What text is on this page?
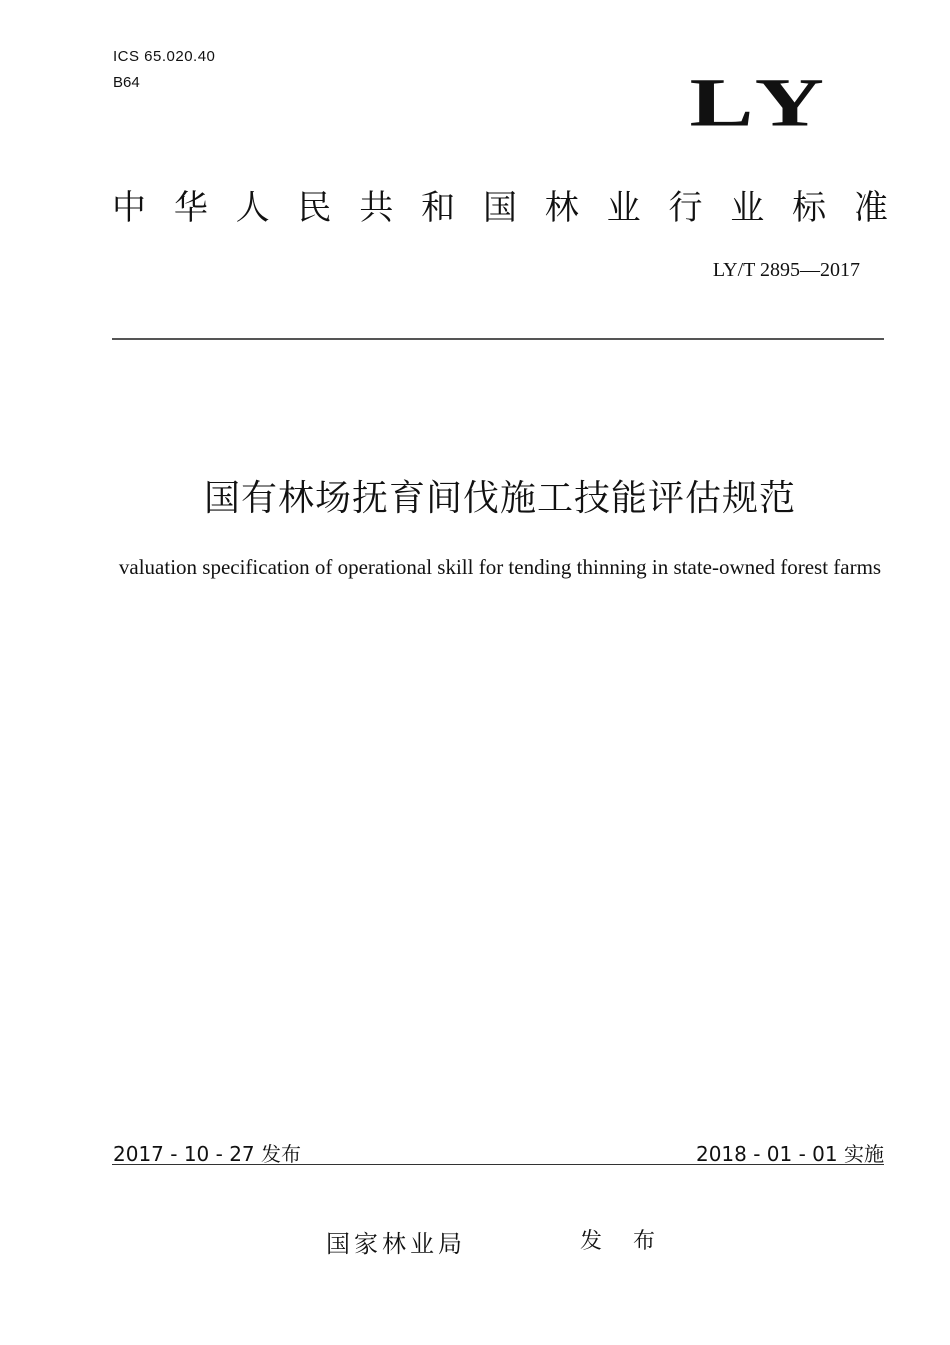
ICS 65.020.40
B64	LY
中 华 人 民 共 和 国 林 业 行 业 标 准
LY/T 2895—2017
国有林场抚育间伐施工技能评估规范
valuation specification of operational skill for tending thinning in state-owned forest farms
2017 - 10 - 27 发布	2018 - 01 - 01 实施
国家林业局	发 布
